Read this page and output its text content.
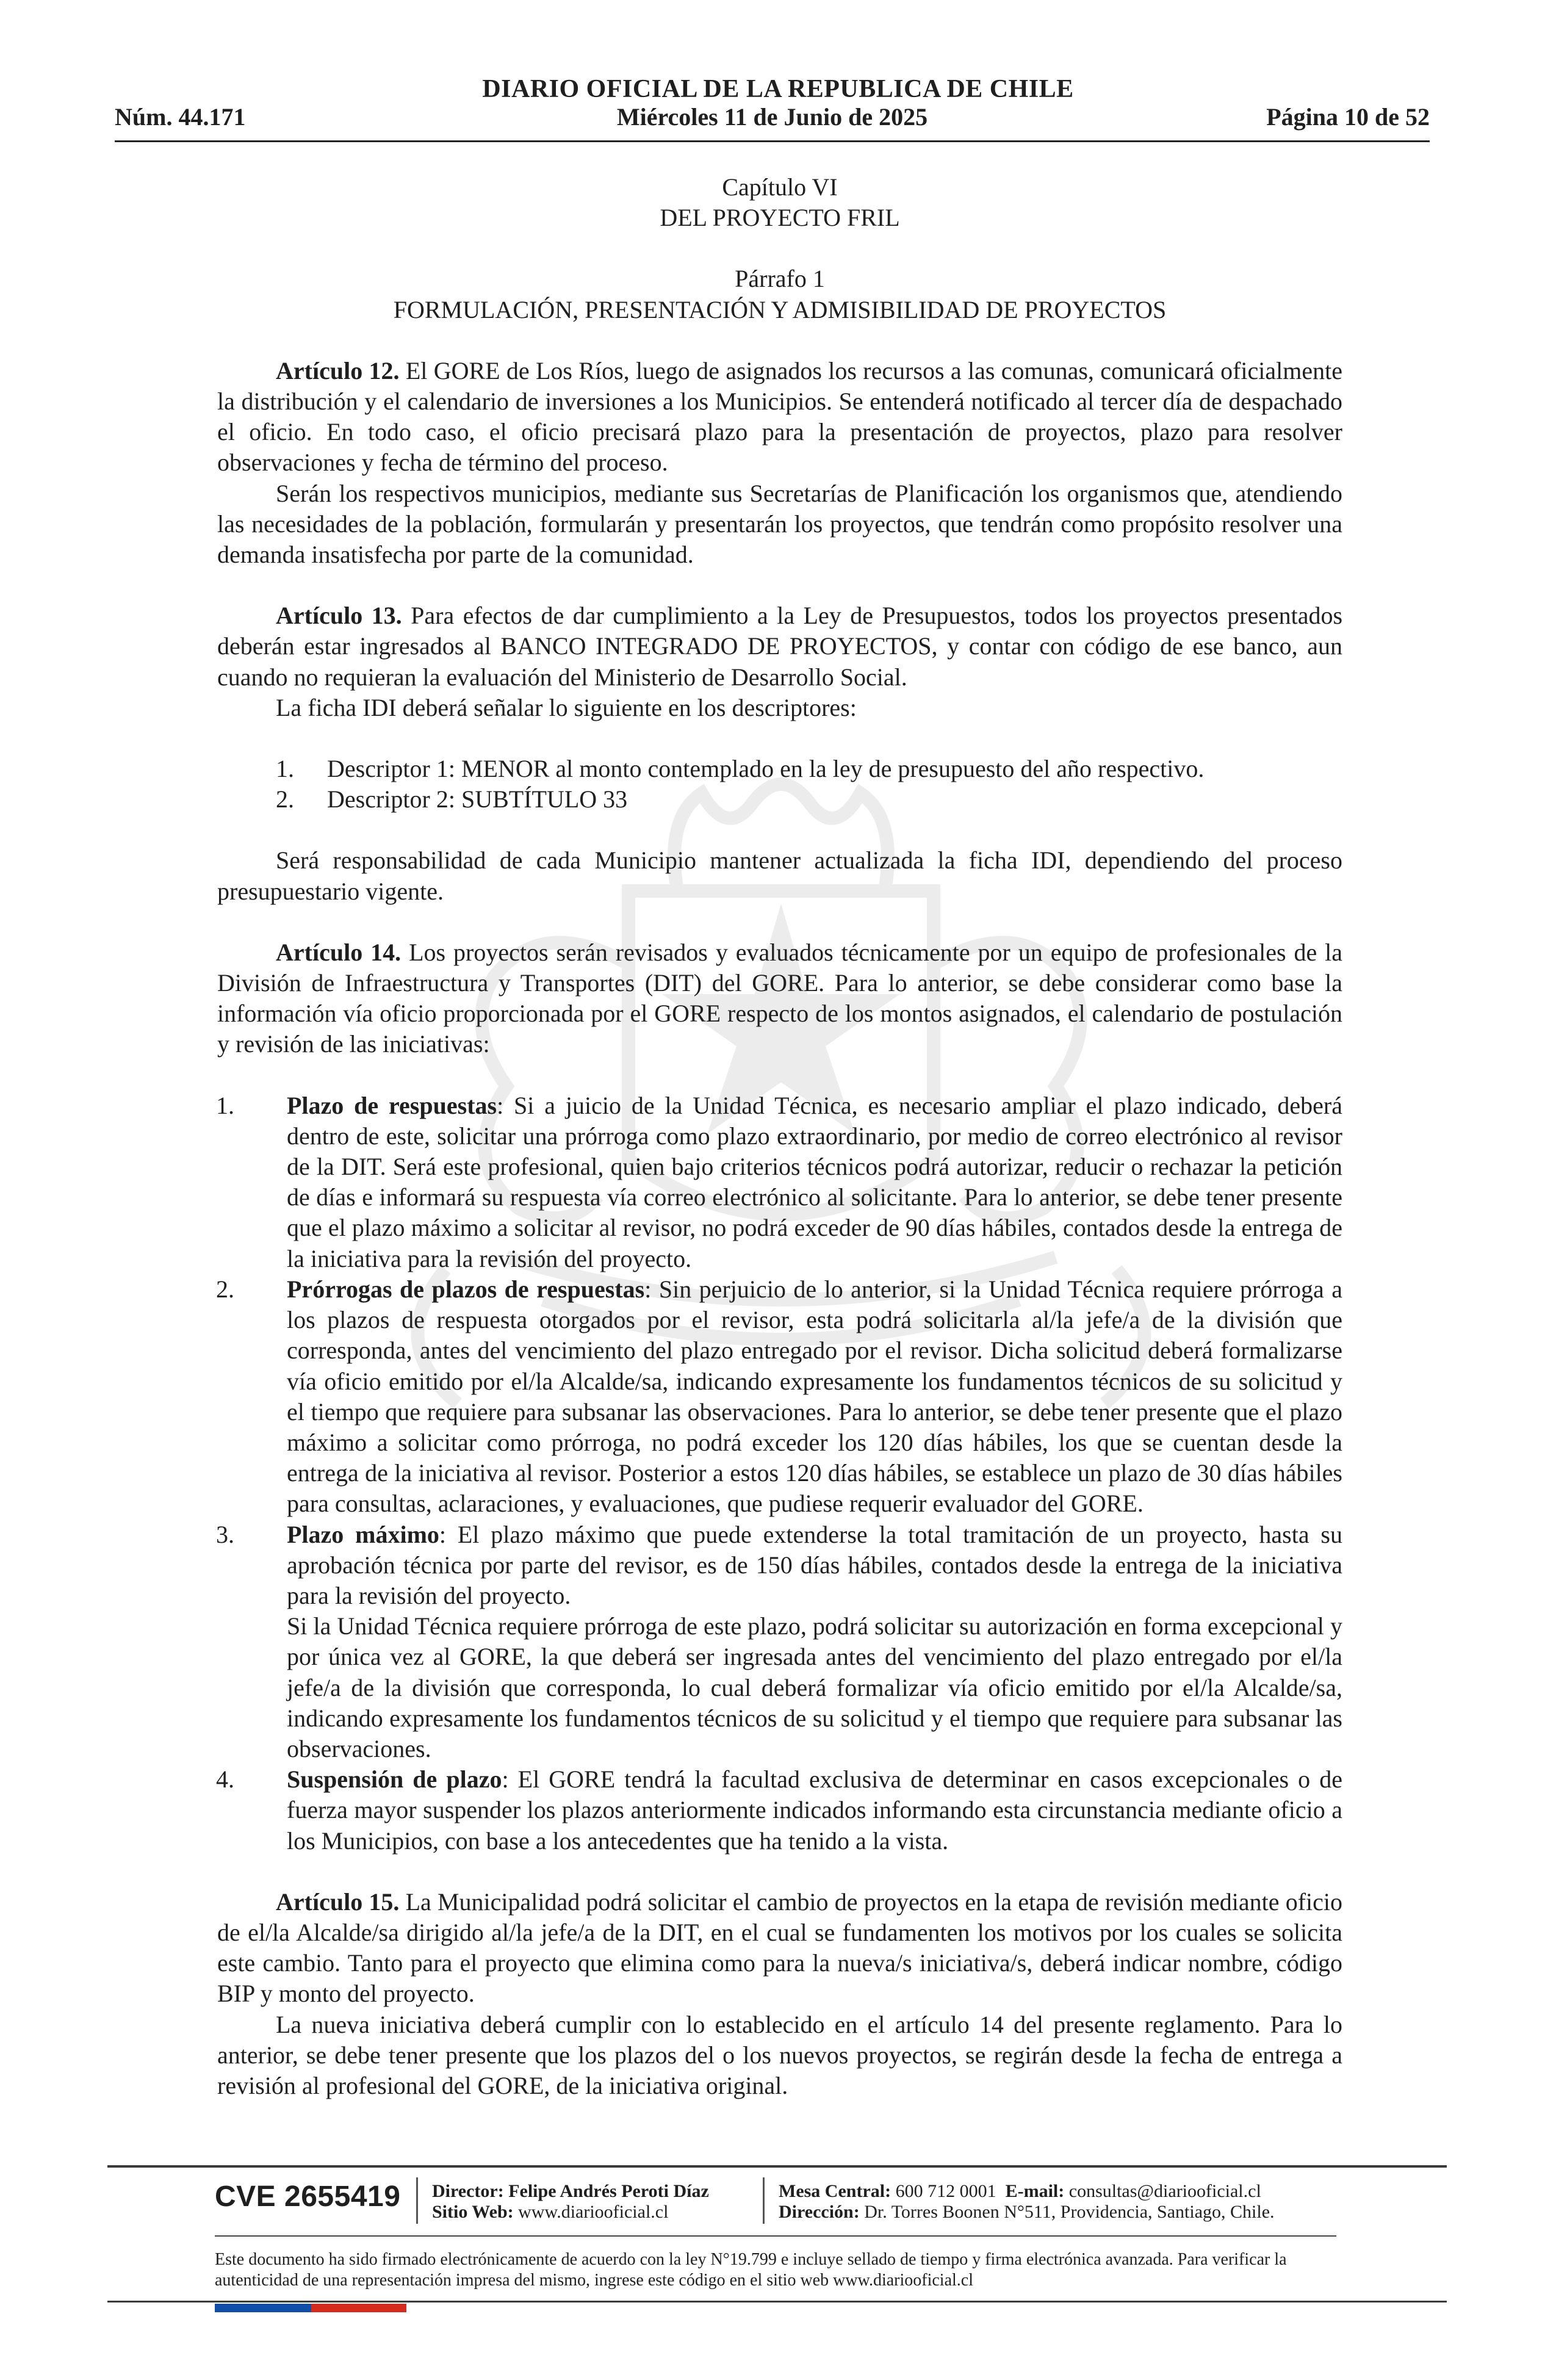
DIARIO OFICIAL DE LA REPUBLICA DE CHILE
Miércoles 11 de Junio de 2025
Núm. 44.171	Página 10 de 52

Capítulo VI

DEL PROYECTO FRIL

Párrafo 1

FORMULACIÓN, PRESENTACIÓN Y ADMISIBILIDAD DE PROYECTOS

Artículo 12. El GORE de Los Ríos, luego de asignados los recursos a las comunas, comunicará oficialmente la distribución y el calendario de inversiones a los Municipios. Se entenderá notificado al tercer día de despachado el oficio. En todo caso, el oficio precisará plazo para la presentación de proyectos, plazo para resolver observaciones y fecha de término del proceso.

Serán los respectivos municipios, mediante sus Secretarías de Planificación los organismos que, atendiendo las necesidades de la población, formularán y presentarán los proyectos, que tendrán como propósito resolver una demanda insatisfecha por parte de la comunidad.

Artículo 13. Para efectos de dar cumplimiento a la Ley de Presupuestos, todos los proyectos presentados deberán estar ingresados al BANCO INTEGRADO DE PROYECTOS, y contar con código de ese banco, aun cuando no requieran la evaluación del Ministerio de Desarrollo Social.

La ficha IDI deberá señalar lo siguiente en los descriptores:

1. Descriptor 1: MENOR al monto contemplado en la ley de presupuesto del año respectivo.
2. Descriptor 2: SUBTÍTULO 33

Será responsabilidad de cada Municipio mantener actualizada la ficha IDI, dependiendo del proceso presupuestario vigente.

Artículo 14. Los proyectos serán revisados y evaluados técnicamente por un equipo de profesionales de la División de Infraestructura y Transportes (DIT) del GORE. Para lo anterior, se debe considerar como base la información vía oficio proporcionada por el GORE respecto de los montos asignados, el calendario de postulación y revisión de las iniciativas:

1. Plazo de respuestas: Si a juicio de la Unidad Técnica, es necesario ampliar el plazo indicado, deberá dentro de este, solicitar una prórroga como plazo extraordinario, por medio de correo electrónico al revisor de la DIT. Será este profesional, quien bajo criterios técnicos podrá autorizar, reducir o rechazar la petición de días e informará su respuesta vía correo electrónico al solicitante. Para lo anterior, se debe tener presente que el plazo máximo a solicitar al revisor, no podrá exceder de 90 días hábiles, contados desde la entrega de la iniciativa para la revisión del proyecto.
2. Prórrogas de plazos de respuestas: Sin perjuicio de lo anterior, si la Unidad Técnica requiere prórroga a los plazos de respuesta otorgados por el revisor, esta podrá solicitarla al/la jefe/a de la división que corresponda, antes del vencimiento del plazo entregado por el revisor. Dicha solicitud deberá formalizarse vía oficio emitido por el/la Alcalde/sa, indicando expresamente los fundamentos técnicos de su solicitud y el tiempo que requiere para subsanar las observaciones. Para lo anterior, se debe tener presente que el plazo máximo a solicitar como prórroga, no podrá exceder los 120 días hábiles, los que se cuentan desde la entrega de la iniciativa al revisor. Posterior a estos 120 días hábiles, se establece un plazo de 30 días hábiles para consultas, aclaraciones, y evaluaciones, que pudiese requerir evaluador del GORE.
3. Plazo máximo: El plazo máximo que puede extenderse la total tramitación de un proyecto, hasta su aprobación técnica por parte del revisor, es de 150 días hábiles, contados desde la entrega de la iniciativa para la revisión del proyecto.
Si la Unidad Técnica requiere prórroga de este plazo, podrá solicitar su autorización en forma excepcional y por única vez al GORE, la que deberá ser ingresada antes del vencimiento del plazo entregado por el/la jefe/a de la división que corresponda, lo cual deberá formalizar vía oficio emitido por el/la Alcalde/sa, indicando expresamente los fundamentos técnicos de su solicitud y el tiempo que requiere para subsanar las observaciones.
4. Suspensión de plazo: El GORE tendrá la facultad exclusiva de determinar en casos excepcionales o de fuerza mayor suspender los plazos anteriormente indicados informando esta circunstancia mediante oficio a los Municipios, con base a los antecedentes que ha tenido a la vista.

Artículo 15. La Municipalidad podrá solicitar el cambio de proyectos en la etapa de revisión mediante oficio de el/la Alcalde/sa dirigido al/la jefe/a de la DIT, en el cual se fundamenten los motivos por los cuales se solicita este cambio. Tanto para el proyecto que elimina como para la nueva/s iniciativa/s, deberá indicar nombre, código BIP y monto del proyecto.

La nueva iniciativa deberá cumplir con lo establecido en el artículo 14 del presente reglamento. Para lo anterior, se debe tener presente que los plazos del o los nuevos proyectos, se regirán desde la fecha de entrega a revisión al profesional del GORE, de la iniciativa original.

CVE 2655419 Director: Felipe Andrés Peroti Díaz
Sitio Web: www.diariooficial.cl
Mesa Central: 600 712 0001 E-mail: consultas@diariooficial.cl
Dirección: Dr. Torres Boonen N°511, Providencia, Santiago, Chile.
Este documento ha sido firmado electrónicamente de acuerdo con la ley N°19.799 e incluye sellado de tiempo y firma electrónica avanzada. Para verificar la autenticidad de una representación impresa del mismo, ingrese este código en el sitio web www.diariooficial.cl
